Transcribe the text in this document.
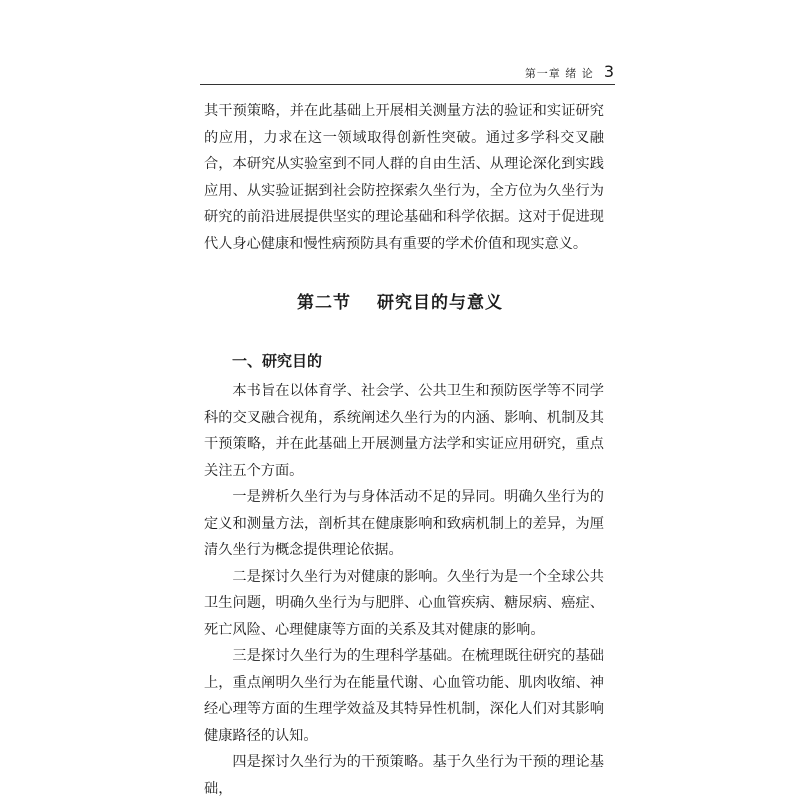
第一章 绪 论 3

其干预策略，并在此基础上开展相关测量方法的验证和实证研究的应用，力求在这一领域取得创新性突破。通过多学科交叉融合，本研究从实验室到不同人群的自由生活、从理论深化到实践应用、从实验证据到社会防控探索久坐行为，全方位为久坐行为研究的前沿进展提供坚实的理论基础和科学依据。这对于促进现代人身心健康和慢性病预防具有重要的学术价值和现实意义。

第二节 研究目的与意义
一、研究目的

本书旨在以体育学、社会学、公共卫生和预防医学等不同学科的交叉融合视角，系统阐述久坐行为的内涵、影响、机制及其干预策略，并在此基础上开展测量方法学和实证应用研究，重点关注五个方面。

一是辨析久坐行为与身体活动不足的异同。明确久坐行为的定义和测量方法，剖析其在健康影响和致病机制上的差异，为厘清久坐行为概念提供理论依据。

二是探讨久坐行为对健康的影响。久坐行为是一个全球公共卫生问题，明确久坐行为与肥胖、心血管疾病、糖尿病、癌症、死亡风险、心理健康等方面的关系及其对健康的影响。

三是探讨久坐行为的生理科学基础。在梳理既往研究的基础上，重点阐明久坐行为在能量代谢、心血管功能、肌肉收缩、神经心理等方面的生理学效益及其特异性机制，深化人们对其影响健康路径的认知。

四是探讨久坐行为的干预策略。基于久坐行为干预的理论基础，
